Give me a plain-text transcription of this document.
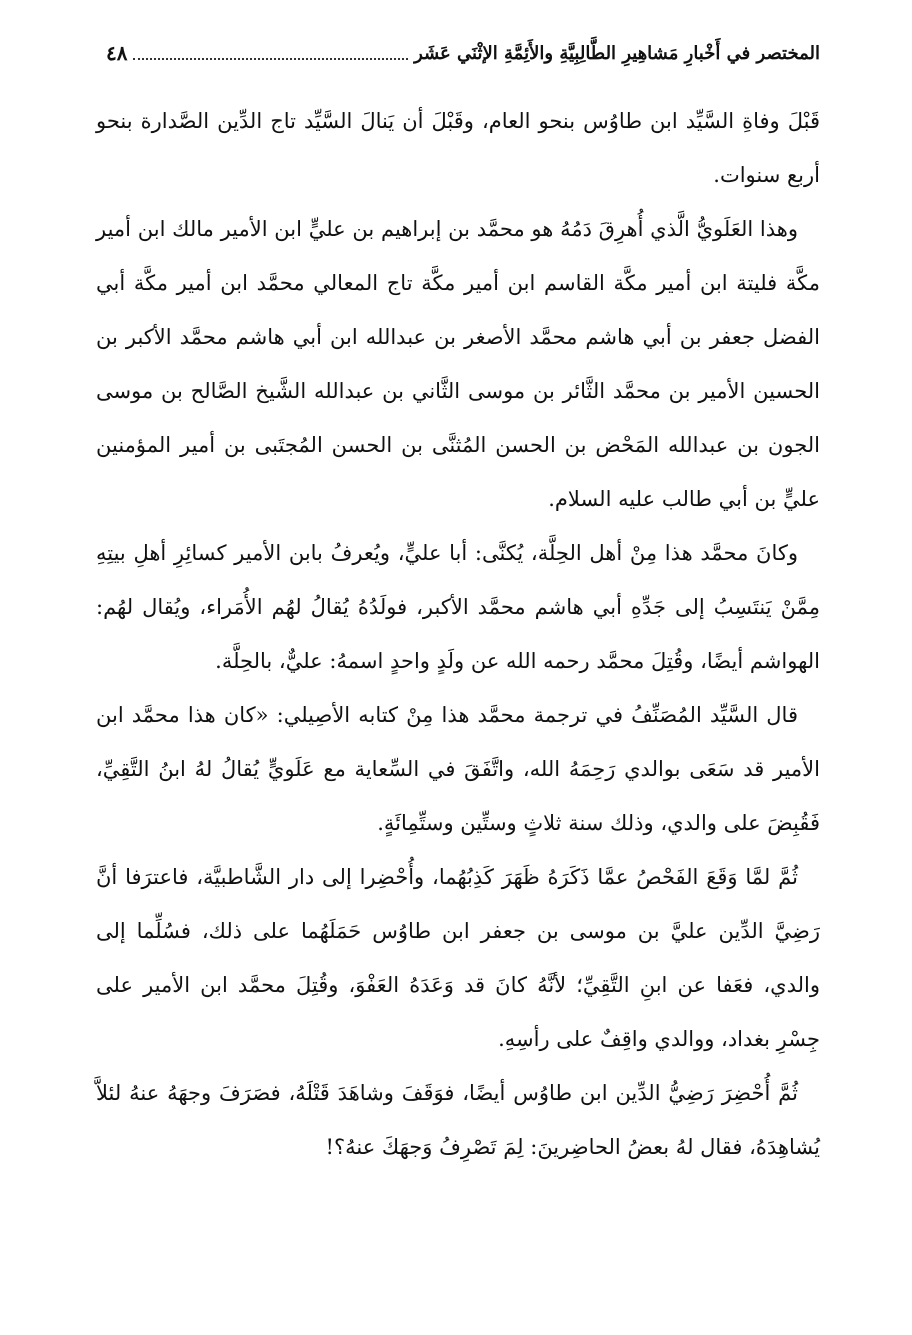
المختصر في أَخْبارِ مَشاهِيرِ الطَّالِبِيَّةِ والأَئِمَّةِ الإثْنَي عَشَر
٤٨

قَبْلَ وفاةِ السَّيِّد ابن طاوُس بنحو العام، وقَبْلَ أن يَنالَ السَّيِّد تاج الدِّين الصَّدارة بنحو أربع سنوات.

وهذا العَلَويُّ الَّذي أُهرِقَ دَمُهُ هو محمَّد بن إبراهيم بن عليٍّ ابن الأمير مالك ابن أمير مكَّة فليتة ابن أمير مكَّة القاسم ابن أمير مكَّة تاج المعالي محمَّد ابن أمير مكَّة أبي الفضل جعفر بن أبي هاشم محمَّد الأصغر بن عبدالله ابن أبي هاشم محمَّد الأكبر بن الحسين الأمير بن محمَّد الثَّائر بن موسى الثَّاني بن عبدالله الشَّيخ الصَّالح بن موسى الجون بن عبدالله المَحْض بن الحسن المُثنَّى بن الحسن المُجتَبى بن أمير المؤمنين عليٍّ بن أبي طالب عليه السلام.

وكانَ محمَّد هذا مِنْ أهل الحِلَّة، يُكنَّى: أبا عليٍّ، ويُعرفُ بابن الأمير كسائِرِ أهلِ بيتِهِ مِمَّنْ يَنتَسِبُ إلى جَدِّهِ أبي هاشم محمَّد الأكبر، فولَدُهُ يُقالُ لهُم الأُمَراء، ويُقال لهُم: الهواشم أيضًا، وقُتِلَ محمَّد رحمه الله عن ولَدٍ واحدٍ اسمهُ: عليٌّ، بالحِلَّة.

قال السَّيِّد المُصَنِّفُ في ترجمة محمَّد هذا مِنْ كتابه الأصِيلي: «كان هذا محمَّد ابن الأمير قد سَعَى بوالدي رَحِمَهُ الله، واتَّفَقَ في السِّعاية مع عَلَويٍّ يُقالُ لهُ ابنُ التَّقِيِّ، فَقُبِضَ على والدي، وذلك سنة ثلاثٍ وستِّين وستِّمِائَةٍ.

ثُمَّ لمَّا وَقَعَ الفَحْصُ عمَّا ذَكَرَهُ ظَهَرَ كَذِبُهُما، وأُحْضِرا إلى دار الشَّاطبيَّة، فاعترَفا أنَّ رَضِيَّ الدِّين عليَّ بن موسى بن جعفر ابن طاوُس حَمَلَهُما على ذلك، فسُلِّما إلى والدي، فعَفا عن ابنِ التَّقِيِّ؛ لأنَّهُ كانَ قد وَعَدَهُ العَفْوَ، وقُتِلَ محمَّد ابن الأمير على جِسْرِ بغداد، ووالدي واقِفٌ على رأسِهِ.

ثُمَّ أُحْضِرَ رَضِيُّ الدِّين ابن طاوُس أيضًا، فوَقَفَ وشاهَدَ قَتْلَهُ، فصَرَفَ وجهَهُ عنهُ لئلاَّ يُشاهِدَهُ، فقال لهُ بعضُ الحاضِرينَ: لِمَ تَصْرِفُ وَجهَكَ عنهُ؟!
